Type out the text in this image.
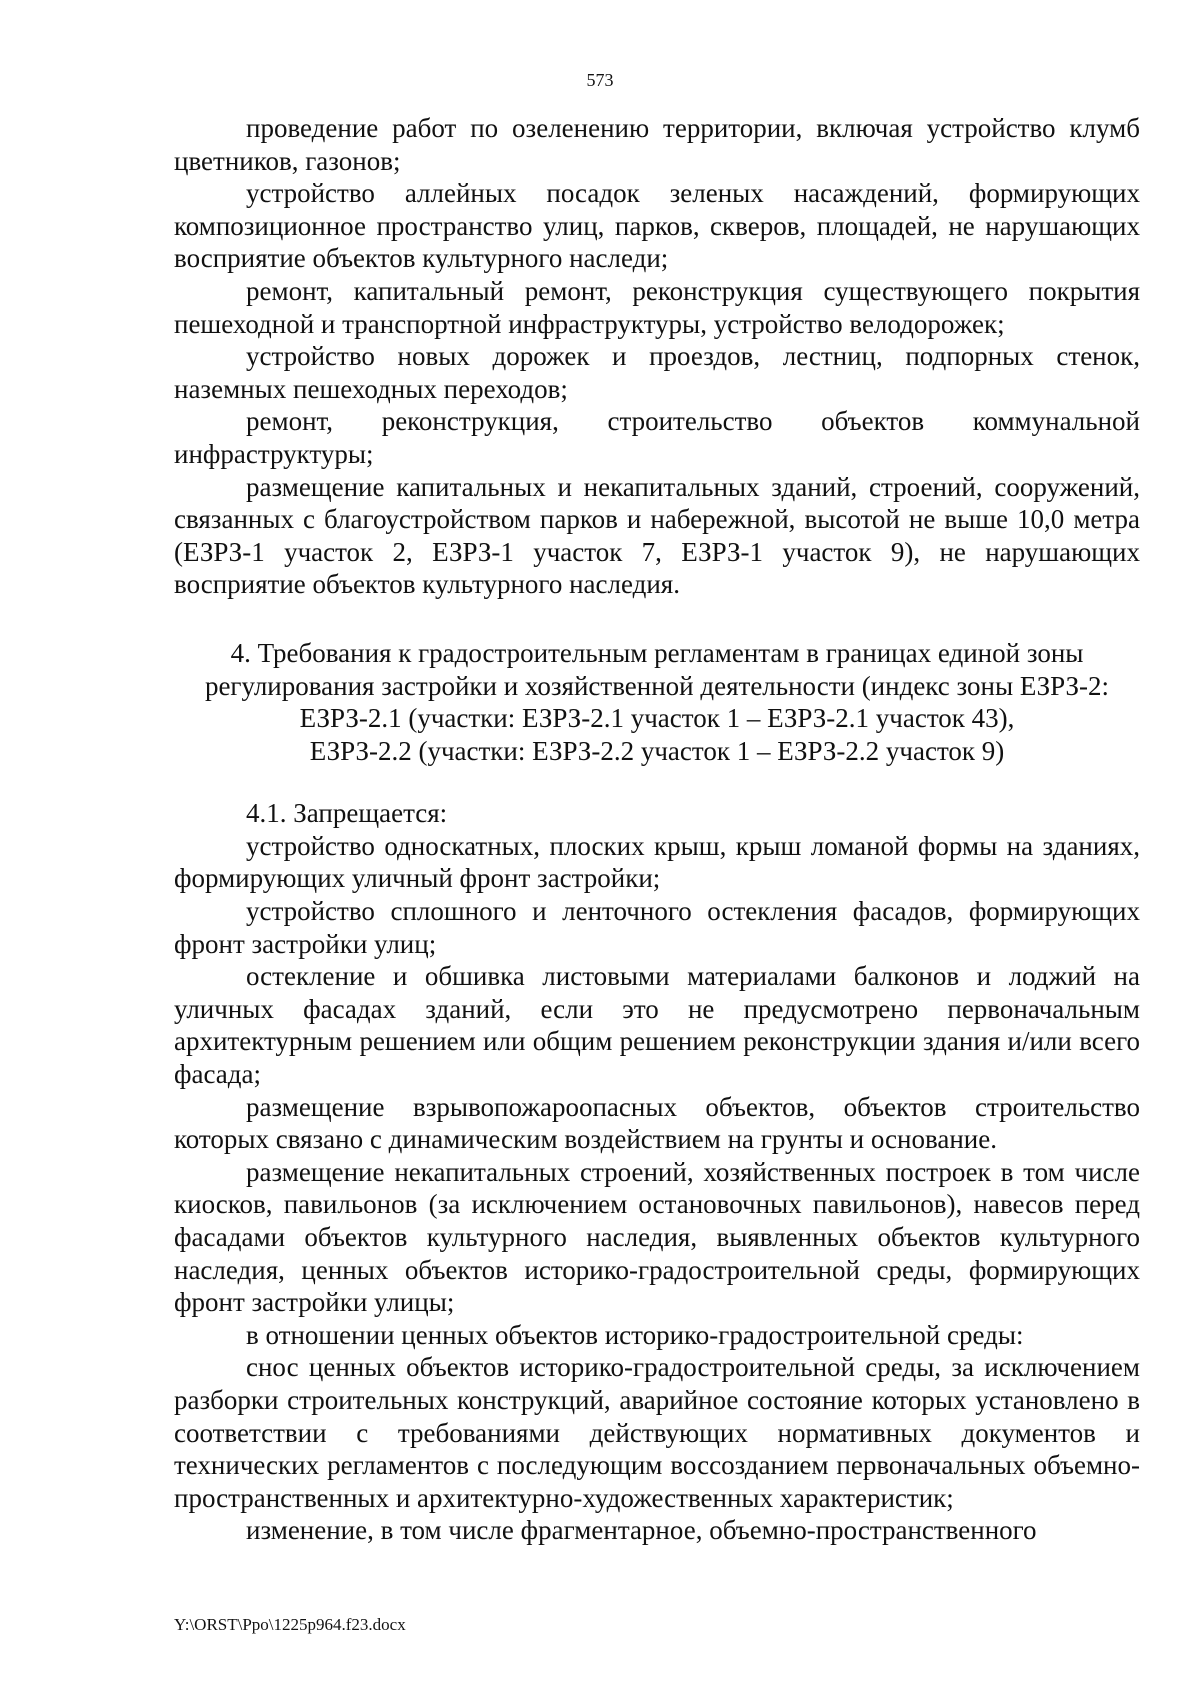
573

проведение работ по озеленению территории, включая устройство клумб цветников, газонов;

устройство аллейных посадок зеленых насаждений, формирующих композиционное пространство улиц, парков, скверов, площадей, не нарушающих восприятие объектов культурного наследи;

ремонт, капитальный ремонт, реконструкция существующего покрытия пешеходной и транспортной инфраструктуры, устройство велодорожек;

устройство новых дорожек и проездов, лестниц, подпорных стенок, наземных пешеходных переходов;

ремонт, реконструкция, строительство объектов коммунальной инфраструктуры;

размещение капитальных и некапитальных зданий, строений, сооружений, связанных с благоустройством парков и набережной, высотой не выше 10,0 метра (ЕЗРЗ-1 участок 2, ЕЗРЗ-1 участок 7, ЕЗРЗ-1 участок 9), не нарушающих восприятие объектов культурного наследия.

4. Требования к градостроительным регламентам в границах единой зоны

регулирования застройки и хозяйственной деятельности (индекс зоны ЕЗРЗ-2:

ЕЗРЗ-2.1 (участки: ЕЗРЗ-2.1 участок 1 – ЕЗРЗ-2.1 участок 43),

ЕЗРЗ-2.2 (участки: ЕЗРЗ-2.2 участок 1 – ЕЗРЗ-2.2 участок 9)

4.1. Запрещается:

устройство односкатных, плоских крыш, крыш ломаной формы на зданиях, формирующих уличный фронт застройки;

устройство сплошного и ленточного остекления фасадов, формирующих фронт застройки улиц;

остекление и обшивка листовыми материалами балконов и лоджий на уличных фасадах зданий, если это не предусмотрено первоначальным архитектурным решением или общим решением реконструкции здания и/или всего фасада;

размещение взрывопожароопасных объектов, объектов строительство которых связано с динамическим воздействием на грунты и основание.

размещение некапитальных строений, хозяйственных построек в том числе киосков, павильонов (за исключением остановочных павильонов), навесов перед фасадами объектов культурного наследия, выявленных объектов культурного наследия, ценных объектов историко-градостроительной среды, формирующих фронт застройки улицы;

в отношении ценных объектов историко-градостроительной среды:

снос ценных объектов историко-градостроительной среды, за исключением разборки строительных конструкций, аварийное состояние которых установлено в соответствии с требованиями действующих нормативных документов и технических регламентов с последующим воссозданием первоначальных объемно- пространственных и архитектурно-художественных характеристик;

изменение, в том числе фрагментарное, объемно-пространственного

Y:\ORST\Ppo\1225p964.f23.docx
